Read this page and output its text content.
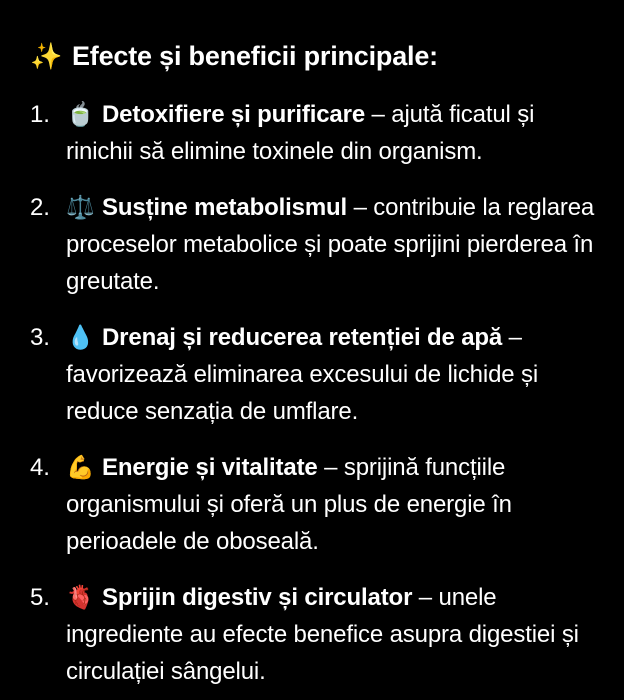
✨ Efecte și beneficii principale:
1. 🍵 Detoxifiere și purificare – ajută ficatul și rinichii să elimine toxinele din organism.
2. ⚖️ Susține metabolismul – contribuie la reglarea proceselor metabolice și poate sprijini pierderea în greutate.
3. 💧 Drenaj și reducerea retenției de apă – favorizează eliminarea excesului de lichide și reduce senzația de umflare.
4. 💪 Energie și vitalitate – sprijină funcțiile organismului și oferă un plus de energie în perioadele de oboseală.
5. 🫀 Sprijin digestiv și circulator – unele ingrediente au efecte benefice asupra digestiei și circulației sângelui.
